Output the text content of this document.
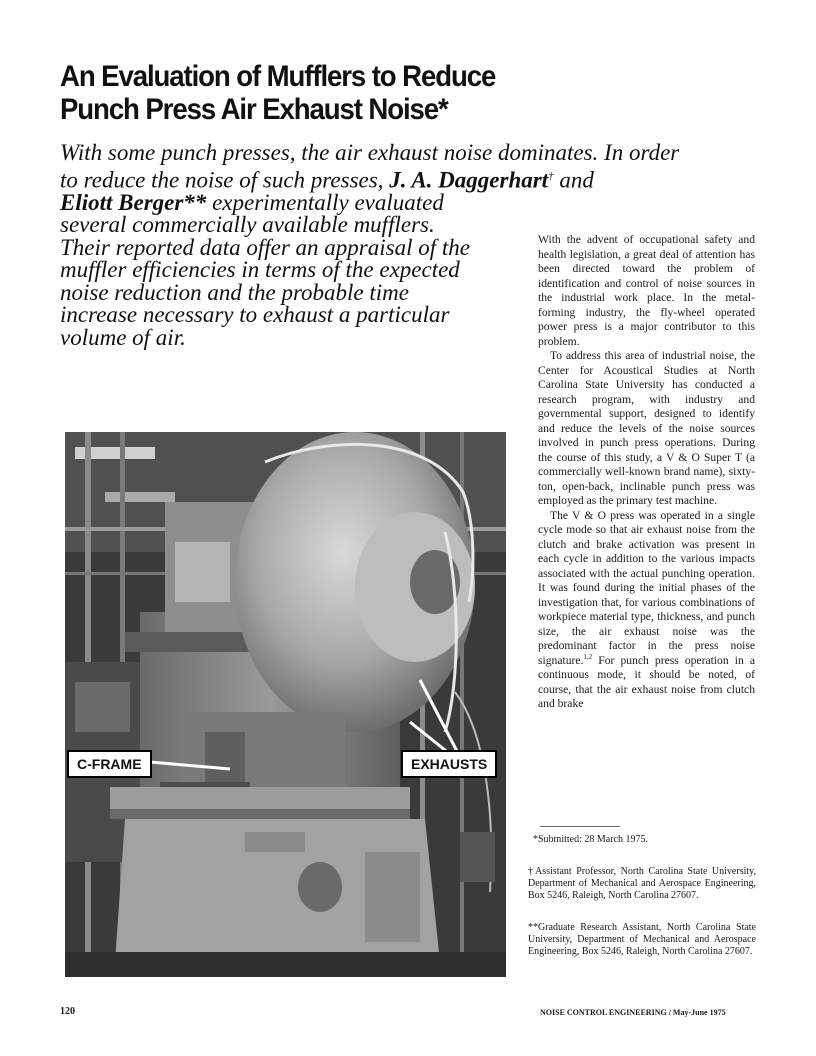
An Evaluation of Mufflers to Reduce
Punch Press Air Exhaust Noise*
With some punch presses, the air exhaust noise dominates. In order
to reduce the noise of such presses, J. A. Daggerhart† and
Eliott Berger** experimentally evaluated
several commercially available mufflers.
Their reported data offer an appraisal of the
muffler efficiencies in terms of the expected
noise reduction and the probable time
increase necessary to exhaust a particular
volume of air.
C-FRAME	EXHAUSTS

With the advent of occupational safety and health legislation, a great deal of attention has been directed toward the problem of identification and control of noise sources in the industrial work place. In the metal-forming industry, the fly-wheel operated power press is a major contributor to this problem.

To address this area of industrial noise, the Center for Acoustical Studies at North Carolina State University has conducted a research program, with industry and governmental support, designed to identify and reduce the levels of the noise sources involved in punch press operations. During the course of this study, a V & O Super T (a commercially well-known brand name), sixty-ton, open-back, inclinable punch press was employed as the primary test machine.

The V & O press was operated in a single cycle mode so that air exhaust noise from the clutch and brake activation was present in each cycle in addition to the various impacts associated with the actual punching operation. It was found during the initial phases of the investigation that, for various combinations of workpiece material type, thickness, and punch size, the air exhaust noise was the predominant factor in the press noise signature.$^{1,2}$ For punch press operation in a continuous mode, it should be noted, of course, that the air exhaust noise from clutch and brake

*Submitted: 28 March 1975.

†Assistant Professor, North Carolina State University, Department of Mechanical and Aerospace Engineering, Box 5246, Raleigh, North Carolina 27607.

**Graduate Research Assistant, North Carolina State University, Department of Mechanical and Aerospace Engineering, Box 5246, Raleigh, North Carolina 27607.

120	NOISE CONTROL ENGINEERING / May-June 1975
